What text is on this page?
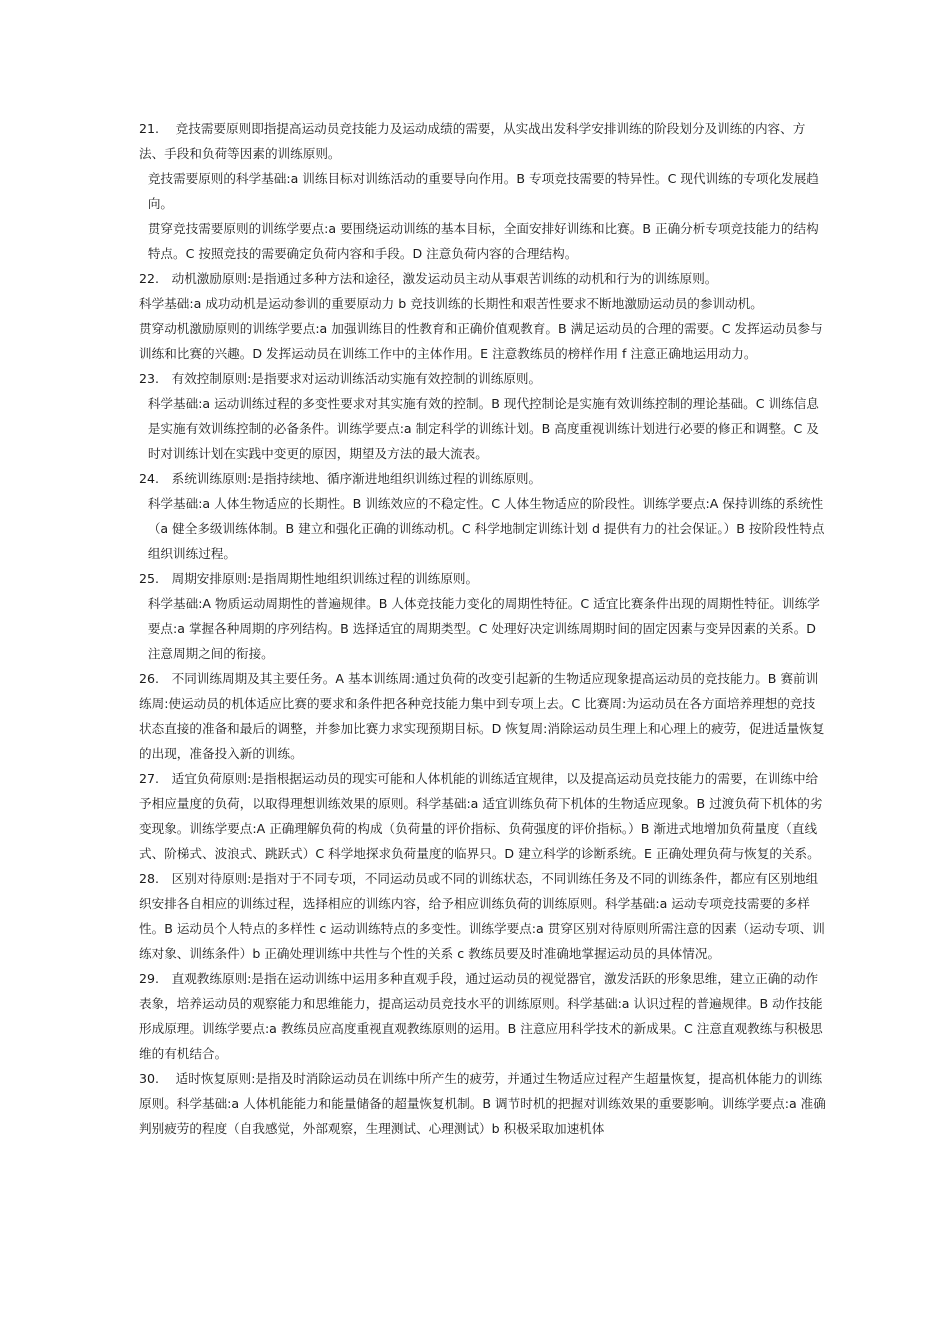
21.　 竞技需要原则即指提高运动员竞技能力及运动成绩的需要，从实战出发科学安排训练的阶段划分及训练的内容、方法、手段和负荷等因素的训练原则。

竞技需要原则的科学基础:a 训练目标对训练活动的重要导向作用。B 专项竞技需要的特异性。C 现代训练的专项化发展趋向。

贯穿竞技需要原则的训练学要点:a 要围绕运动训练的基本目标，全面安排好训练和比赛。B 正确分析专项竞技能力的结构特点。C 按照竞技的需要确定负荷内容和手段。D 注意负荷内容的合理结构。

22.　动机激励原则:是指通过多种方法和途径，激发运动员主动从事艰苦训练的动机和行为的训练原则。

科学基础:a 成功动机是运动参训的重要原动力 b 竞技训练的长期性和艰苦性要求不断地激励运动员的参训动机。

贯穿动机激励原则的训练学要点:a 加强训练目的性教育和正确价值观教育。B 满足运动员的合理的需要。C 发挥运动员参与训练和比赛的兴趣。D 发挥运动员在训练工作中的主体作用。E 注意教练员的榜样作用 f 注意正确地运用动力。

23.　有效控制原则:是指要求对运动训练活动实施有效控制的训练原则。

科学基础:a 运动训练过程的多变性要求对其实施有效的控制。B 现代控制论是实施有效训练控制的理论基础。C 训练信息是实施有效训练控制的必备条件。训练学要点:a 制定科学的训练计划。B 高度重视训练计划进行必要的修正和调整。C 及时对训练计划在实践中变更的原因，期望及方法的最大流表。

24.　系统训练原则:是指持续地、循序渐进地组织训练过程的训练原则。

科学基础:a 人体生物适应的长期性。B 训练效应的不稳定性。C 人体生物适应的阶段性。训练学要点:A 保持训练的系统性（a 健全多级训练体制。B 建立和强化正确的训练动机。C 科学地制定训练计划 d 提供有力的社会保证。）B 按阶段性特点组织训练过程。

25.　周期安排原则:是指周期性地组织训练过程的训练原则。

科学基础:A 物质运动周期性的普遍规律。B 人体竞技能力变化的周期性特征。C 适宜比赛条件出现的周期性特征。训练学要点:a 掌握各种周期的序列结构。B 选择适宜的周期类型。C 处理好决定训练周期时间的固定因素与变异因素的关系。D 注意周期之间的衔接。

26.　不同训练周期及其主要任务。A 基本训练周:通过负荷的改变引起新的生物适应现象提高运动员的竞技能力。B 赛前训练周:使运动员的机体适应比赛的要求和条件把各种竞技能力集中到专项上去。C 比赛周:为运动员在各方面培养理想的竞技状态直接的准备和最后的调整，并参加比赛力求实现预期目标。D 恢复周:消除运动员生理上和心理上的疲劳，促进适量恢复的出现，准备投入新的训练。

27.　适宜负荷原则:是指根据运动员的现实可能和人体机能的训练适宜规律，以及提高运动员竞技能力的需要，在训练中给予相应量度的负荷，以取得理想训练效果的原则。科学基础:a 适宜训练负荷下机体的生物适应现象。B 过渡负荷下机体的劣变现象。训练学要点:A 正确理解负荷的构成（负荷量的评价指标、负荷强度的评价指标。）B 渐进式地增加负荷量度（直线式、阶梯式、波浪式、跳跃式）C 科学地探求负荷量度的临界只。D 建立科学的诊断系统。E 正确处理负荷与恢复的关系。

28.　区别对待原则:是指对于不同专项，不同运动员或不同的训练状态，不同训练任务及不同的训练条件，都应有区别地组织安排各自相应的训练过程，选择相应的训练内容，给予相应训练负荷的训练原则。科学基础:a 运动专项竞技需要的多样性。B 运动员个人特点的多样性 c 运动训练特点的多变性。训练学要点:a 贯穿区别对待原则所需注意的因素（运动专项、训练对象、训练条件）b 正确处理训练中共性与个性的关系 c 教练员要及时准确地掌握运动员的具体情况。

29.　直观教练原则:是指在运动训练中运用多种直观手段，通过运动员的视觉器官，激发活跃的形象思维，建立正确的动作表象，培养运动员的观察能力和思维能力，提高运动员竞技水平的训练原则。科学基础:a 认识过程的普遍规律。B 动作技能形成原理。训练学要点:a 教练员应高度重视直观教练原则的运用。B 注意应用科学技术的新成果。C 注意直观教练与积极思维的有机结合。

30.　 适时恢复原则:是指及时消除运动员在训练中所产生的疲劳，并通过生物适应过程产生超量恢复，提高机体能力的训练原则。科学基础:a 人体机能能力和能量储备的超量恢复机制。B 调节时机的把握对训练效果的重要影响。训练学要点:a 准确判别疲劳的程度（自我感觉，外部观察，生理测试、心理测试）b 积极采取加速机体
